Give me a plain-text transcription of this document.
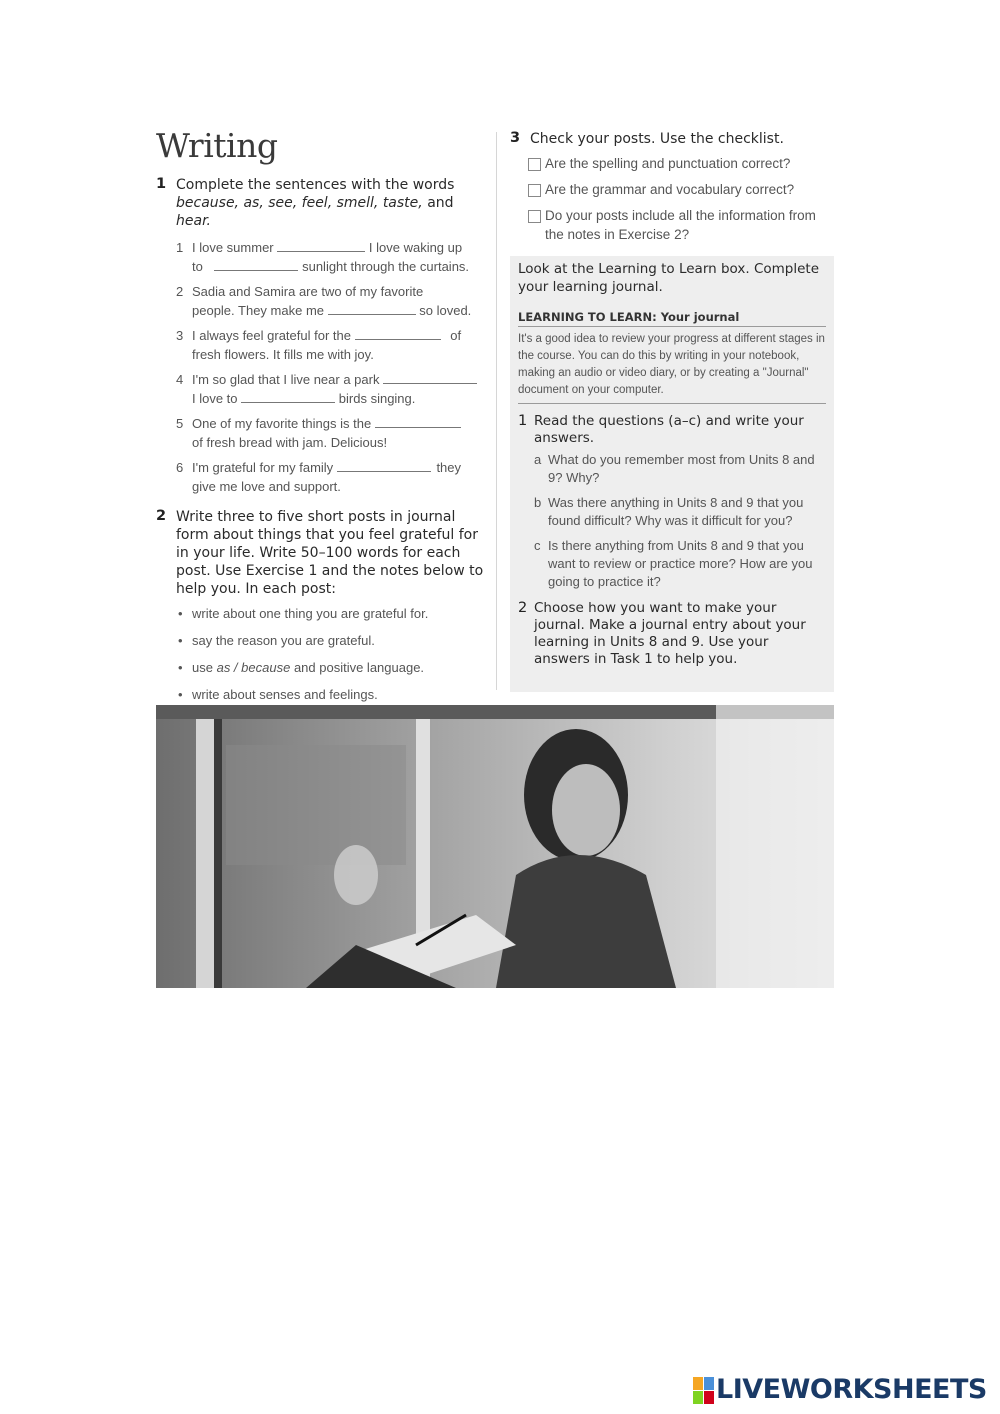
Writing
1 Complete the sentences with the words
because, as, see, feel, smell, taste, and hear.
1 I love summer	I love waking up
to	sunlight through the curtains.
2 Sadia and Samira are two of my favorite
people. They make me	so loved.
3 I always feel grateful for the	of
fresh flowers. It fills me with joy.
4 I'm so glad that I live near a park
I love to	birds singing.
5 One of my favorite things is the
of fresh bread with jam. Delicious!
6 I'm grateful for my family	they
give me love and support.
2 Write three to five short posts in journal form about things that you feel grateful for in your life. Write 50–100 words for each post. Use Exercise 1 and the notes below to help you. In each post:
• write about one thing you are grateful for.
• say the reason you are grateful.
• use as / because and positive language.
• write about senses and feelings.
3 Check your posts. Use the checklist.
Are the spelling and punctuation correct?
Are the grammar and vocabulary correct?
Do your posts include all the information from the notes in Exercise 2?
Look at the Learning to Learn box. Complete your learning journal.
LEARNING TO LEARN: Your journal
It's a good idea to review your progress at different stages in the course. You can do this by writing in your notebook, making an audio or video diary, or by creating a "Journal" document on your computer.
1 Read the questions (a–c) and write your answers.
a What do you remember most from Units 8 and 9? Why?
b Was there anything in Units 8 and 9 that you found difficult? Why was it difficult for you?
c Is there anything from Units 8 and 9 that you want to review or practice more? How are you going to practice it?
2 Choose how you want to make your journal. Make a journal entry about your learning in Units 8 and 9. Use your answers in Task 1 to help you.
LIVEWORKSHEETS
